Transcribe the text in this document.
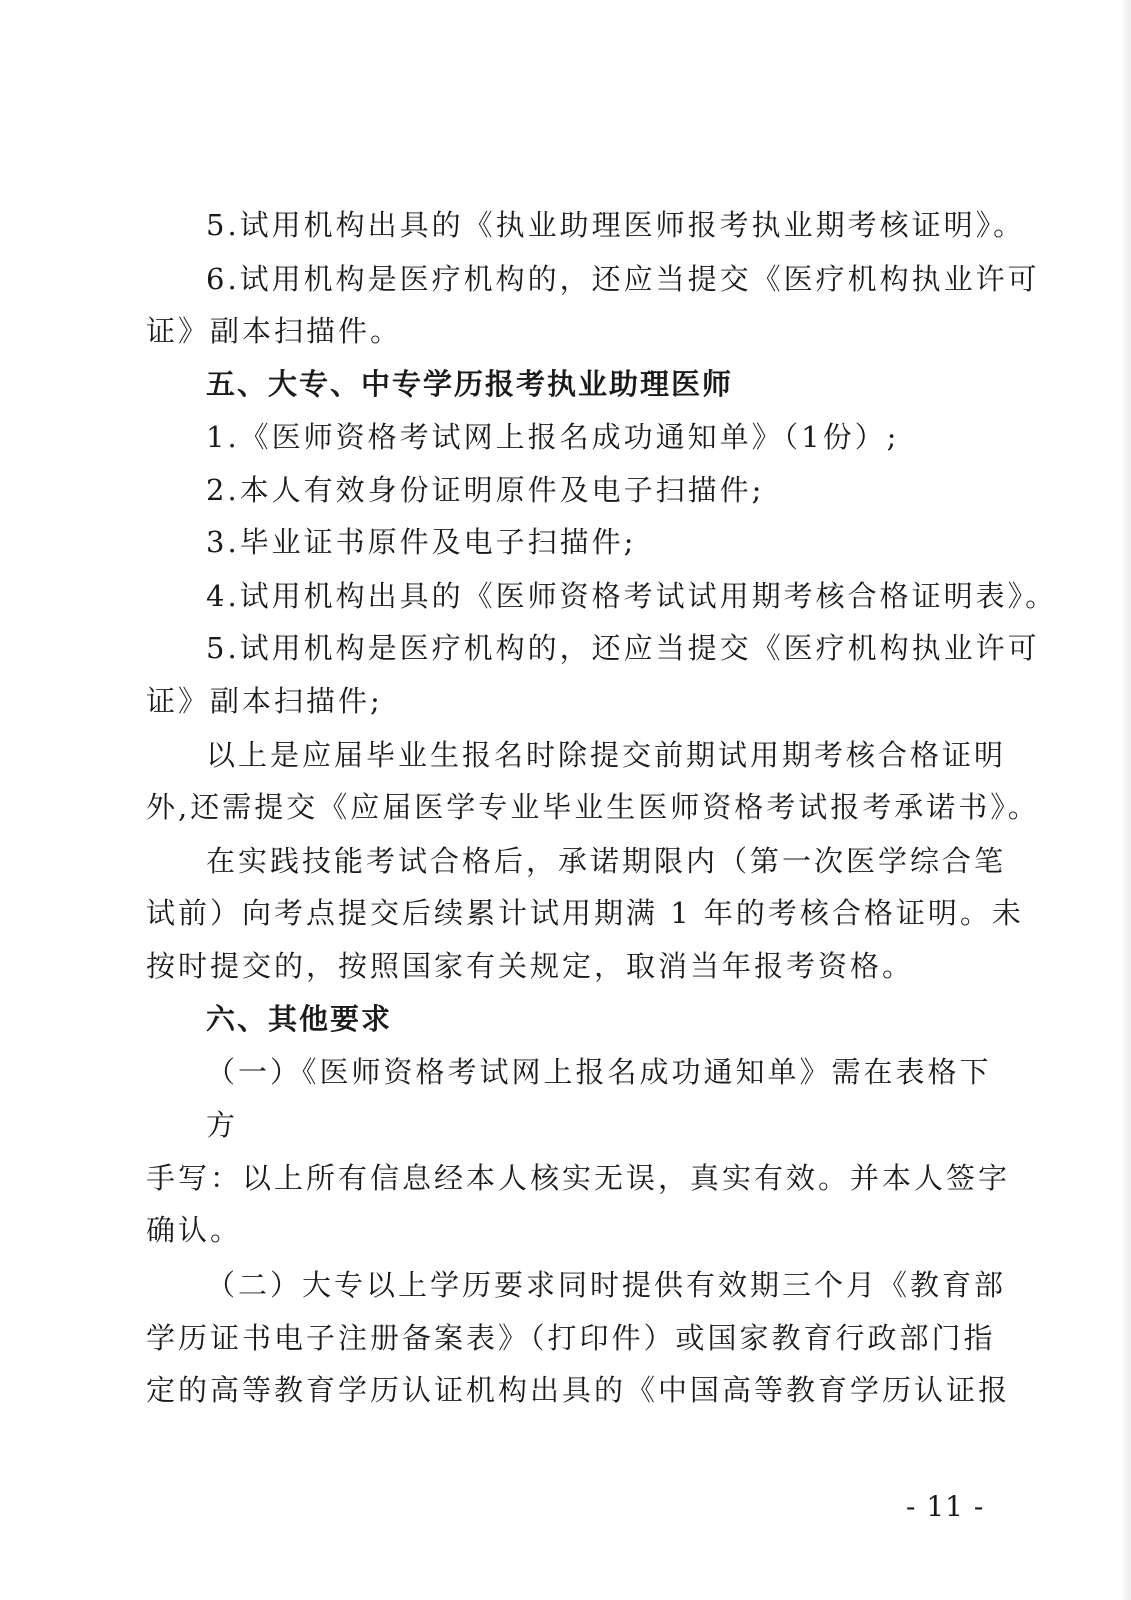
5.试用机构出具的《执业助理医师报考执业期考核证明》。
6.试用机构是医疗机构的，还应当提交《医疗机构执业许可
证》副本扫描件。
五、大专、中专学历报考执业助理医师
1.《医师资格考试网上报名成功通知单》（1份）;
2.本人有效身份证明原件及电子扫描件;
3.毕业证书原件及电子扫描件;
4.试用机构出具的《医师资格考试试用期考核合格证明表》。
5.试用机构是医疗机构的，还应当提交《医疗机构执业许可
证》副本扫描件;
以上是应届毕业生报名时除提交前期试用期考核合格证明
外,还需提交《应届医学专业毕业生医师资格考试报考承诺书》。
在实践技能考试合格后，承诺期限内（第一次医学综合笔
试前）向考点提交后续累计试用期满 1 年的考核合格证明。未
按时提交的，按照国家有关规定，取消当年报考资格。
六、其他要求
（一）《医师资格考试网上报名成功通知单》需在表格下
方
手写：以上所有信息经本人核实无误，真实有效。并本人签字
确认。
（二）大专以上学历要求同时提供有效期三个月《教育部
学历证书电子注册备案表》（打印件）或国家教育行政部门指
定的高等教育学历认证机构出具的《中国高等教育学历认证报
- 11 -
